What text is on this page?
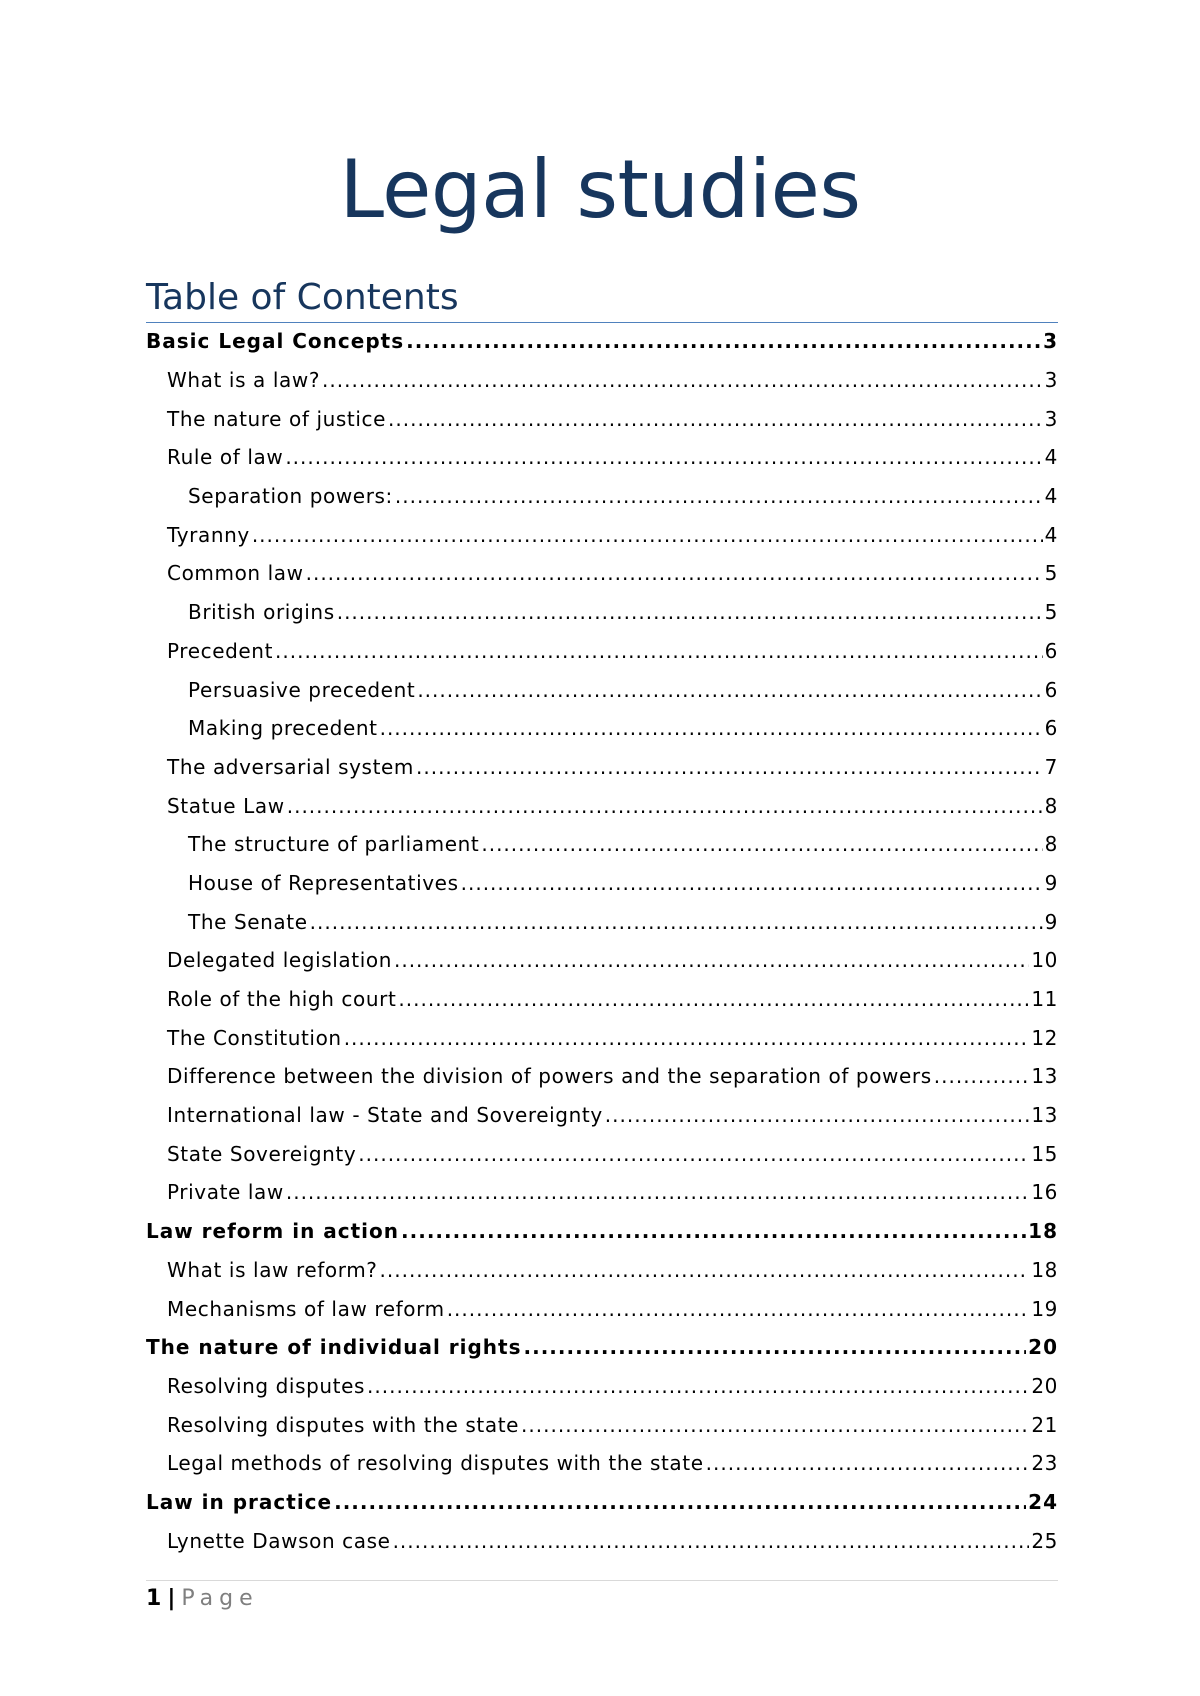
Legal studies
Table of Contents
Basic Legal Concepts .....	3
What is a law? .....	3
The nature of justice .....	3
Rule of law .....	4
Separation powers: .....	4
Tyranny .....	4
Common law .....	5
British origins .....	5
Precedent .....	6
Persuasive precedent .....	6
Making precedent .....	6
The adversarial system .....	7
Statue Law .....	8
The structure of parliament .....	8
House of Representatives .....	9
The Senate .....	9
Delegated legislation .....	10
Role of the high court .....	11
The Constitution .....	12
Difference between the division of powers and the separation of powers .....	13
International law - State and Sovereignty .....	13
State Sovereignty .....	15
Private law .....	16
Law reform in action .....	18
What is law reform? .....	18
Mechanisms of law reform .....	19
The nature of individual rights .....	20
Resolving disputes .....	20
Resolving disputes with the state .....	21
Legal methods of resolving disputes with the state .....	23
Law in practice .....	24
Lynette Dawson case .....	25
1 | Page
